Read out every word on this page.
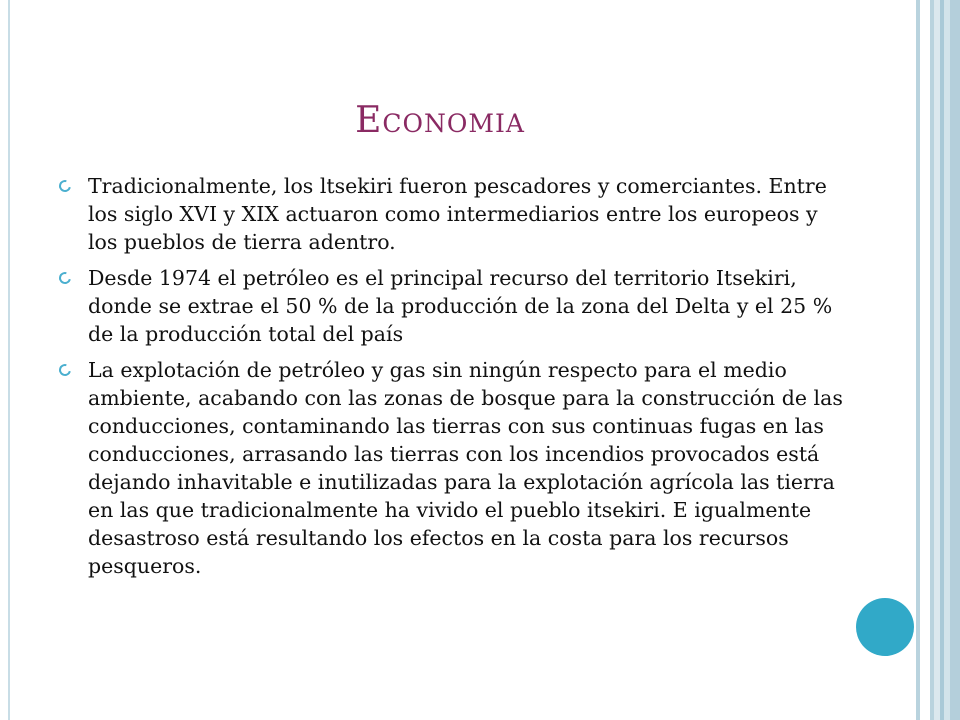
Economia
Tradicionalmente, los ltsekiri fueron pescadores y comerciantes. Entre los siglo XVI y XIX actuaron como intermediarios entre los europeos y los pueblos de tierra adentro.
Desde 1974 el petróleo es el principal recurso del territorio Itsekiri, donde se extrae el 50 % de la producción de la zona del Delta y el 25 % de la producción total del país
La explotación de petróleo y gas sin ningún respecto para el medio ambiente, acabando con las zonas de bosque para la construcción de las conducciones, contaminando las tierras con sus continuas fugas en las conducciones, arrasando las tierras con los incendios provocados está dejando inhavitable e inutilizadas para la explotación agrícola las tierra en las que tradicionalmente ha vivido el pueblo itsekiri. E igualmente desastroso está resultando los efectos en la costa para los recursos pesqueros.
